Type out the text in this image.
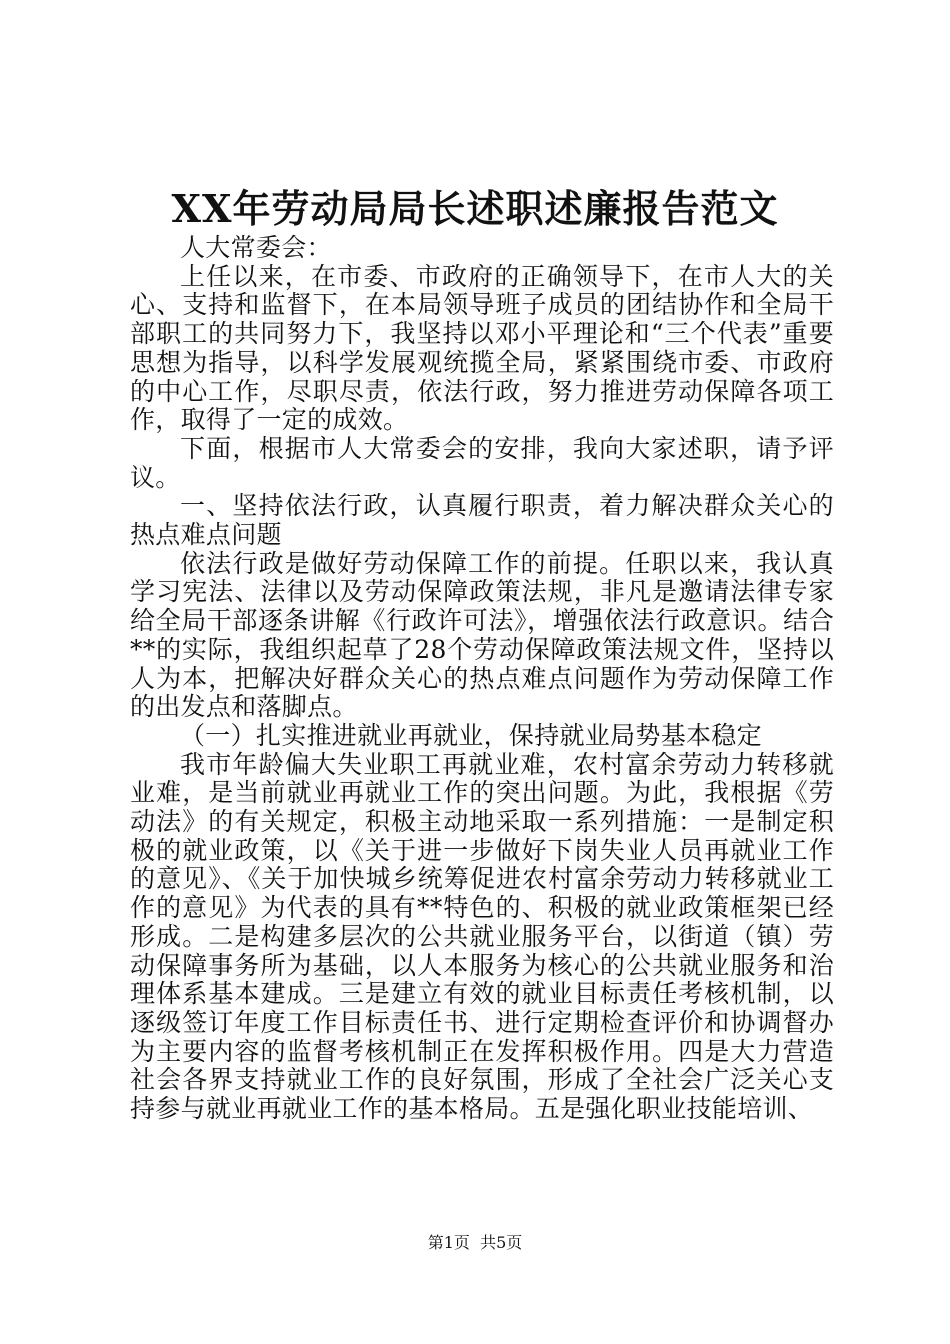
XX年劳动局局长述职述廉报告范文

人大常委会：

上任以来，在市委、市政府的正确领导下，在市人大的关心、支持和监督下，在本局领导班子成员的团结协作和全局干部职工的共同努力下，我坚持以邓小平理论和“三个代表”重要思想为指导，以科学发展观统揽全局，紧紧围绕市委、市政府的中心工作，尽职尽责，依法行政，努力推进劳动保障各项工作，取得了一定的成效。

下面，根据市人大常委会的安排，我向大家述职，请予评议。

一、坚持依法行政，认真履行职责，着力解决群众关心的热点难点问题

依法行政是做好劳动保障工作的前提。任职以来，我认真学习宪法、法律以及劳动保障政策法规，非凡是邀请法律专家给全局干部逐条讲解《行政许可法》，增强依法行政意识。结合**的实际，我组织起草了28个劳动保障政策法规文件，坚持以人为本，把解决好群众关心的热点难点问题作为劳动保障工作的出发点和落脚点。

（一）扎实推进就业再就业，保持就业局势基本稳定

我市年龄偏大失业职工再就业难，农村富余劳动力转移就业难，是当前就业再就业工作的突出问题。为此，我根据《劳动法》的有关规定，积极主动地采取一系列措施：一是制定积极的就业政策，以《关于进一步做好下岗失业人员再就业工作的意见》、《关于加快城乡统筹促进农村富余劳动力转移就业工作的意见》为代表的具有**特色的、积极的就业政策框架已经形成。二是构建多层次的公共就业服务平台，以街道（镇）劳动保障事务所为基础，以人本服务为核心的公共就业服务和治理体系基本建成。三是建立有效的就业目标责任考核机制，以逐级签订年度工作目标责任书、进行定期检查评价和协调督办为主要内容的监督考核机制正在发挥积极作用。四是大力营造社会各界支持就业工作的良好氛围，形成了全社会广泛关心支持参与就业再就业工作的基本格局。五是强化职业技能培训、

第1页  共5页
